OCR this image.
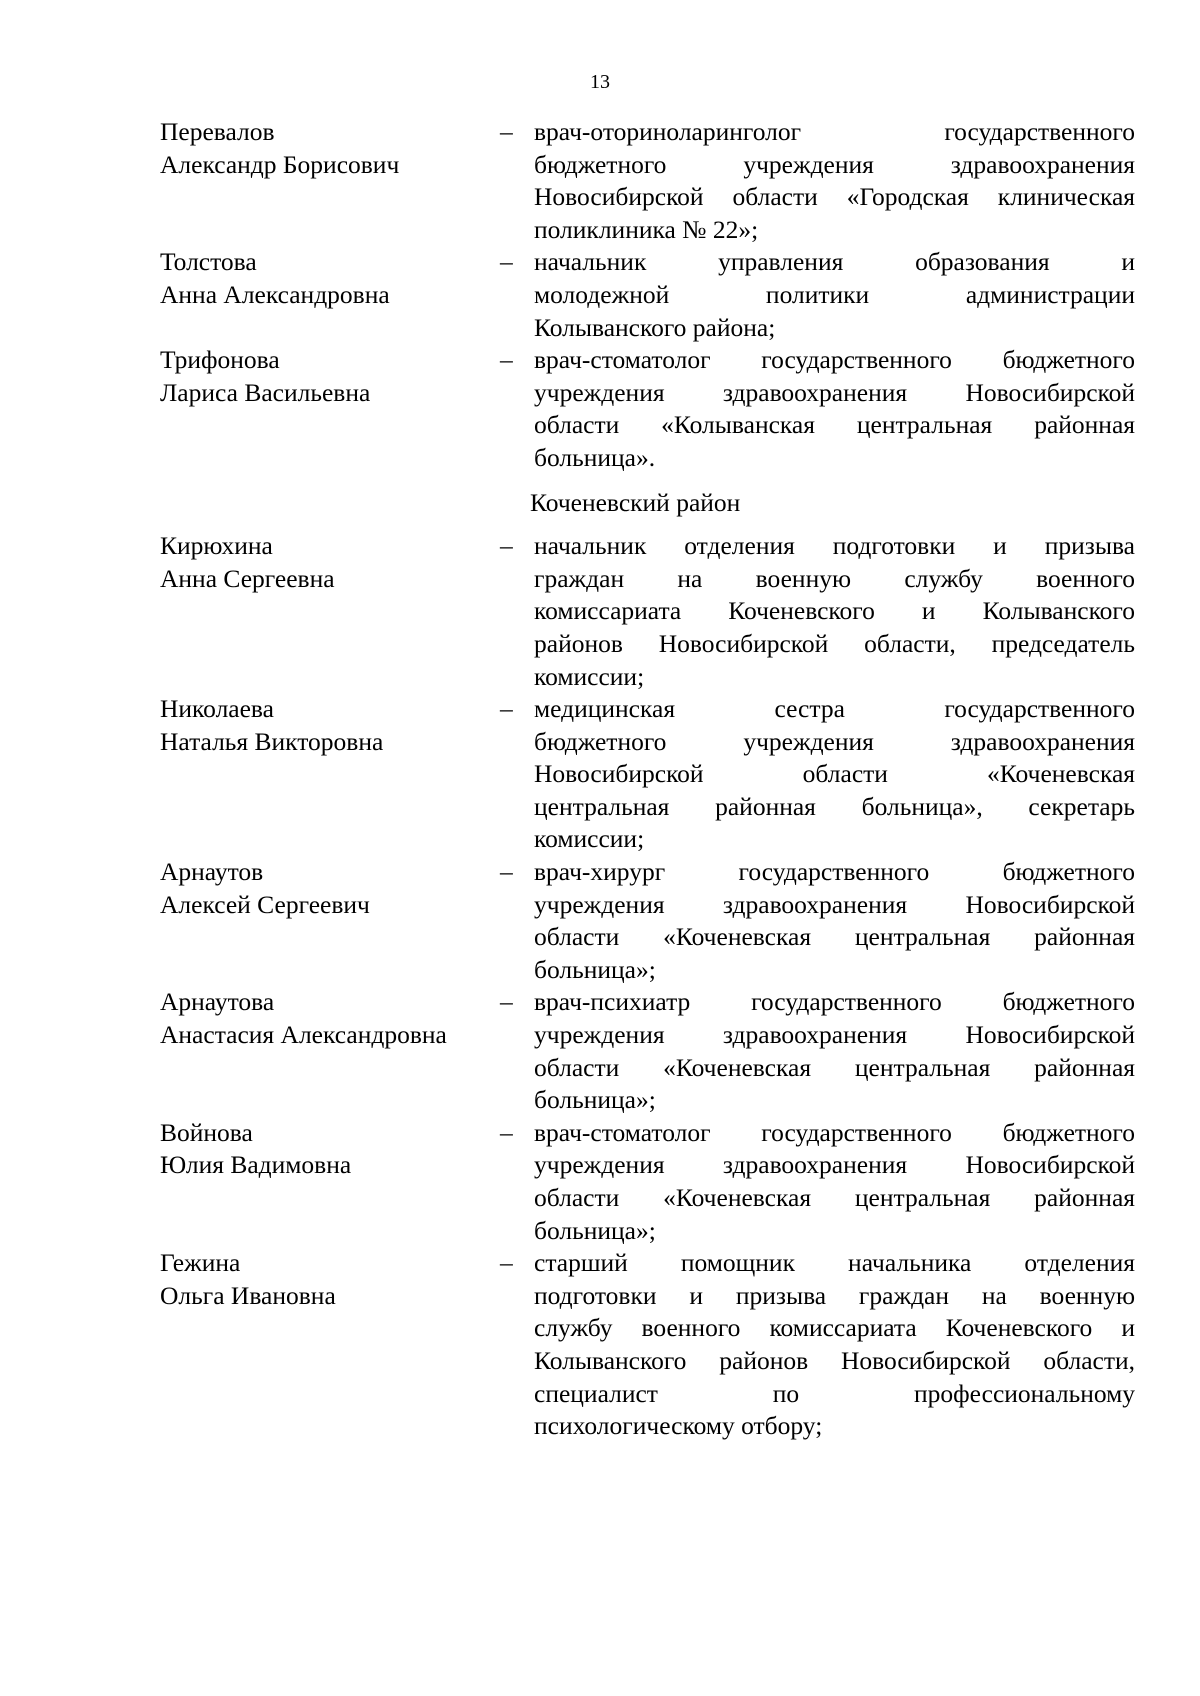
13
Перевалов
Александр Борисович
– врач-оториноларинголог государственного
бюджетного учреждения здравоохранения
Новосибирской области «Городская клиническая
поликлиника № 22»;
Толстова
Анна Александровна
– начальник управления образования и
молодежной политики администрации
Колыванского района;
Трифонова
Лариса Васильевна
– врач-стоматолог государственного бюджетного
учреждения здравоохранения Новосибирской
области «Колыванская центральная районная
больница».
Коченевский район
Кирюхина
Анна Сергеевна
– начальник отделения подготовки и призыва
граждан на военную службу военного
комиссариата Коченевского и Колыванского
районов Новосибирской области, председатель
комиссии;
Николаева
Наталья Викторовна
– медицинская сестра государственного
бюджетного учреждения здравоохранения
Новосибирской области «Коченевская
центральная районная больница», секретарь
комиссии;
Арнаутов
Алексей Сергеевич
– врач-хирург государственного бюджетного
учреждения здравоохранения Новосибирской
области «Коченевская центральная районная
больница»;
Арнаутова
Анастасия Александровна
– врач-психиатр государственного бюджетного
учреждения здравоохранения Новосибирской
области «Коченевская центральная районная
больница»;
Войнова
Юлия Вадимовна
– врач-стоматолог государственного бюджетного
учреждения здравоохранения Новосибирской
области «Коченевская центральная районная
больница»;
Гежина
Ольга Ивановна
– старший помощник начальника отделения
подготовки и призыва граждан на военную
службу военного комиссариата Коченевского и
Колыванского районов Новосибирской области,
специалист по профессиональному
психологическому отбору;
